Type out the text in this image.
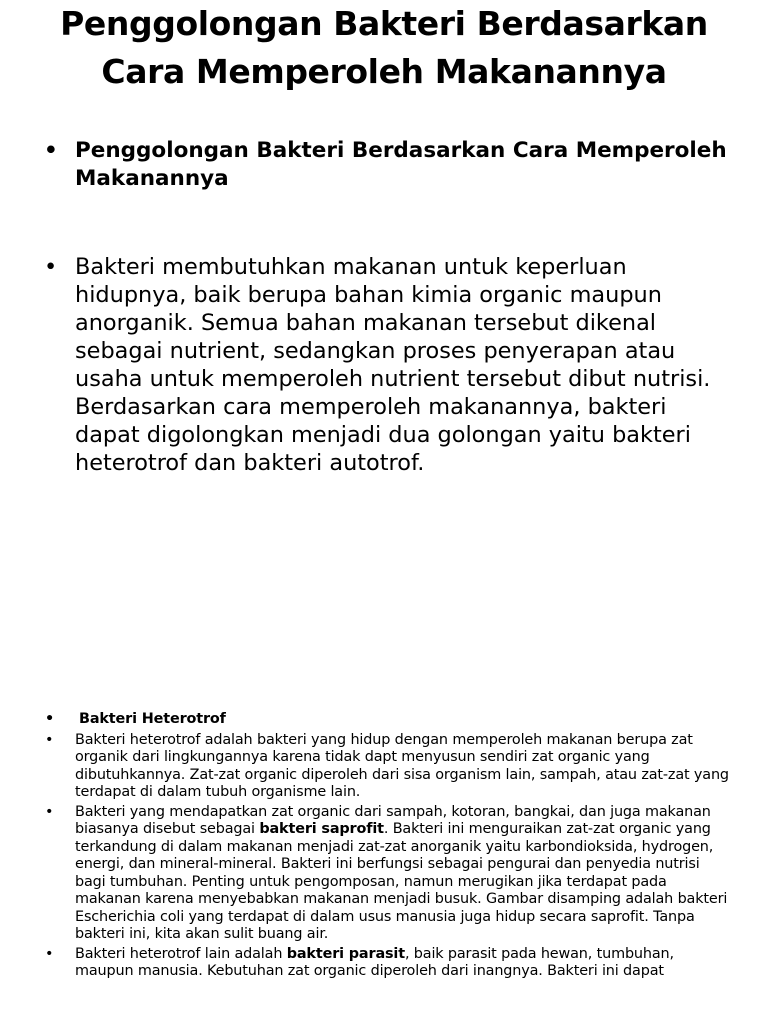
Penggolongan Bakteri Berdasarkan
Cara Memperoleh Makanannya
• Penggolongan Bakteri Berdasarkan Cara Memperoleh Makanannya
• Bakteri membutuhkan makanan untuk keperluan hidupnya, baik berupa bahan kimia organic maupun anorganik. Semua bahan makanan tersebut dikenal sebagai nutrient, sedangkan proses penyerapan atau usaha untuk memperoleh nutrient tersebut dibut nutrisi. Berdasarkan cara memperoleh makanannya, bakteri dapat digolongkan menjadi dua golongan yaitu bakteri heterotrof dan bakteri autotrof.
• Bakteri Heterotrof
• Bakteri heterotrof adalah bakteri yang hidup dengan memperoleh makanan berupa zat organik dari lingkungannya karena tidak dapt menyusun sendiri zat organic yang dibutuhkannya. Zat-zat organic diperoleh dari sisa organism lain, sampah, atau zat-zat yang terdapat di dalam tubuh organisme lain.
• Bakteri yang mendapatkan zat organic dari sampah, kotoran, bangkai, dan juga makanan biasanya disebut sebagai bakteri saprofit. Bakteri ini menguraikan zat-zat organic yang terkandung di dalam makanan menjadi zat-zat anorganik yaitu karbondioksida, hydrogen, energi, dan mineral-mineral. Bakteri ini berfungsi sebagai pengurai dan penyedia nutrisi bagi tumbuhan. Penting untuk pengomposan, namun merugikan jika terdapat pada makanan karena menyebabkan makanan menjadi busuk. Gambar disamping adalah bakteri Escherichia coli yang terdapat di dalam usus manusia juga hidup secara saprofit. Tanpa bakteri ini, kita akan sulit buang air.
• Bakteri heterotrof lain adalah bakteri parasit, baik parasit pada hewan, tumbuhan, maupun manusia. Kebutuhan zat organic diperoleh dari inangnya. Bakteri ini dapat
